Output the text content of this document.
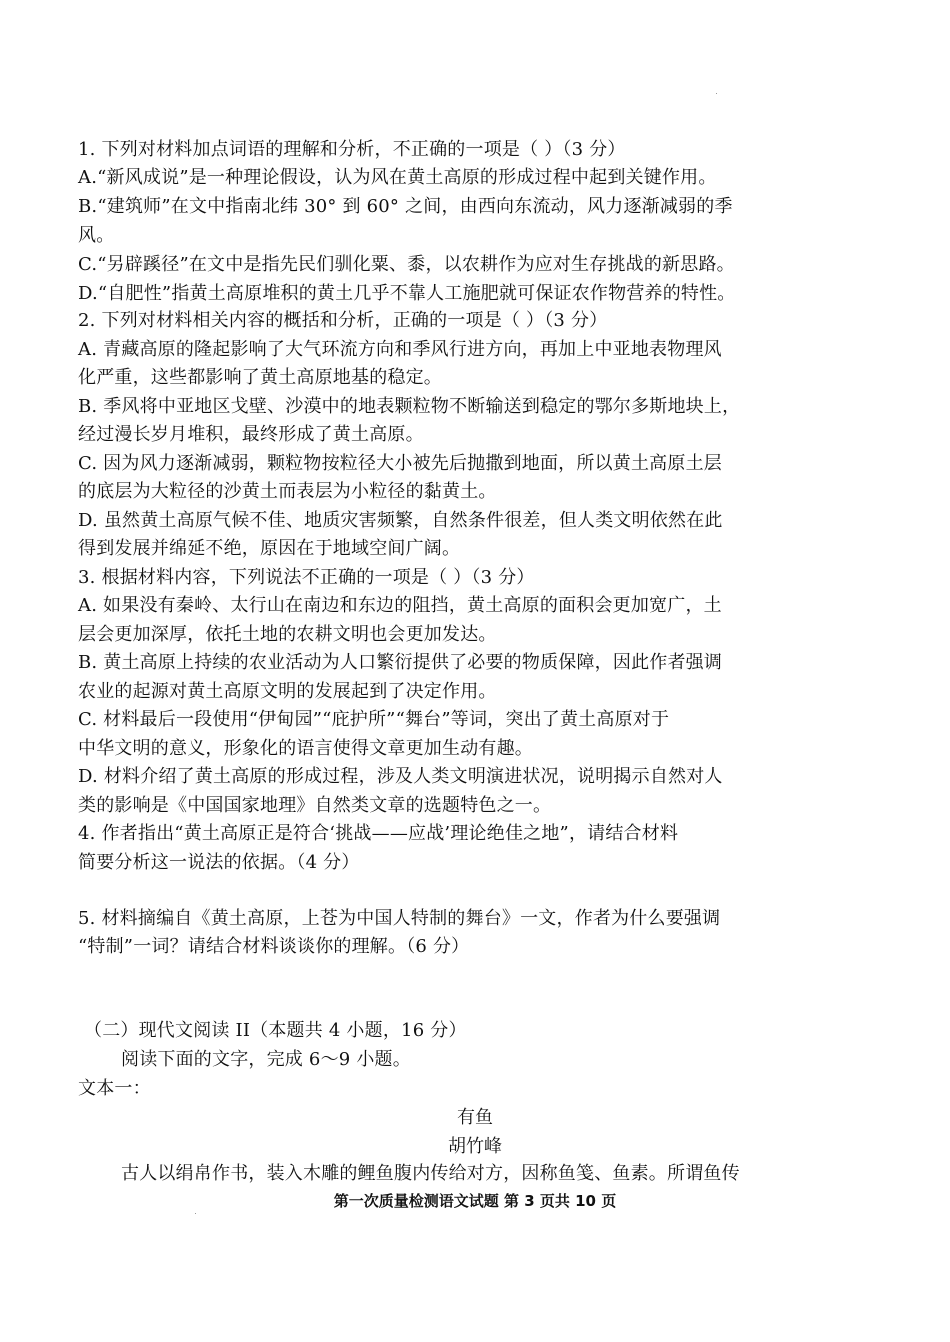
1. 下列对材料加点词语的理解和分析，不正确的一项是（ ）（3 分）
A.“新风成说”是一种理论假设，认为风在黄土高原的形成过程中起到关键作用。
B.“建筑师”在文中指南北纬 30° 到 60° 之间，由西向东流动，风力逐渐减弱的季
风。
C.“另辟蹊径”在文中是指先民们驯化粟、黍，以农耕作为应对生存挑战的新思路。
D.“自肥性”指黄土高原堆积的黄土几乎不靠人工施肥就可保证农作物营养的特性。
2. 下列对材料相关内容的概括和分析，正确的一项是（ ）（3 分）
A. 青藏高原的隆起影响了大气环流方向和季风行进方向，再加上中亚地表物理风
化严重，这些都影响了黄土高原地基的稳定。
B. 季风将中亚地区戈壁、沙漠中的地表颗粒物不断输送到稳定的鄂尔多斯地块上，
经过漫长岁月堆积，最终形成了黄土高原。
C. 因为风力逐渐减弱，颗粒物按粒径大小被先后抛撒到地面，所以黄土高原土层
的底层为大粒径的沙黄土而表层为小粒径的黏黄土。
D. 虽然黄土高原气候不佳、地质灾害频繁，自然条件很差，但人类文明依然在此
得到发展并绵延不绝，原因在于地域空间广阔。
3. 根据材料内容，下列说法不正确的一项是（ ）（3 分）
A. 如果没有秦岭、太行山在南边和东边的阻挡，黄土高原的面积会更加宽广，土
层会更加深厚，依托土地的农耕文明也会更加发达。
B. 黄土高原上持续的农业活动为人口繁衍提供了必要的物质保障，因此作者强调
农业的起源对黄土高原文明的发展起到了决定作用。
C. 材料最后一段使用“伊甸园”“庇护所”“舞台”等词，突出了黄土高原对于
中华文明的意义，形象化的语言使得文章更加生动有趣。
D. 材料介绍了黄土高原的形成过程，涉及人类文明演进状况，说明揭示自然对人
类的影响是《中国国家地理》自然类文章的选题特色之一。
4. 作者指出“黄土高原正是符合‘挑战——应战’理论绝佳之地”，请结合材料
简要分析这一说法的依据。（4 分）
5. 材料摘编自《黄土高原，上苍为中国人特制的舞台》一文，作者为什么要强调
“特制”一词？请结合材料谈谈你的理解。（6 分）
（二）现代文阅读 II（本题共 4 小题，16 分）
阅读下面的文字，完成 6～9 小题。
文本一：
有鱼
胡竹峰
古人以绢帛作书，装入木雕的鲤鱼腹内传给对方，因称鱼笺、鱼素。所谓鱼传
第一次质量检测语文试题 第 3 页共 10 页
